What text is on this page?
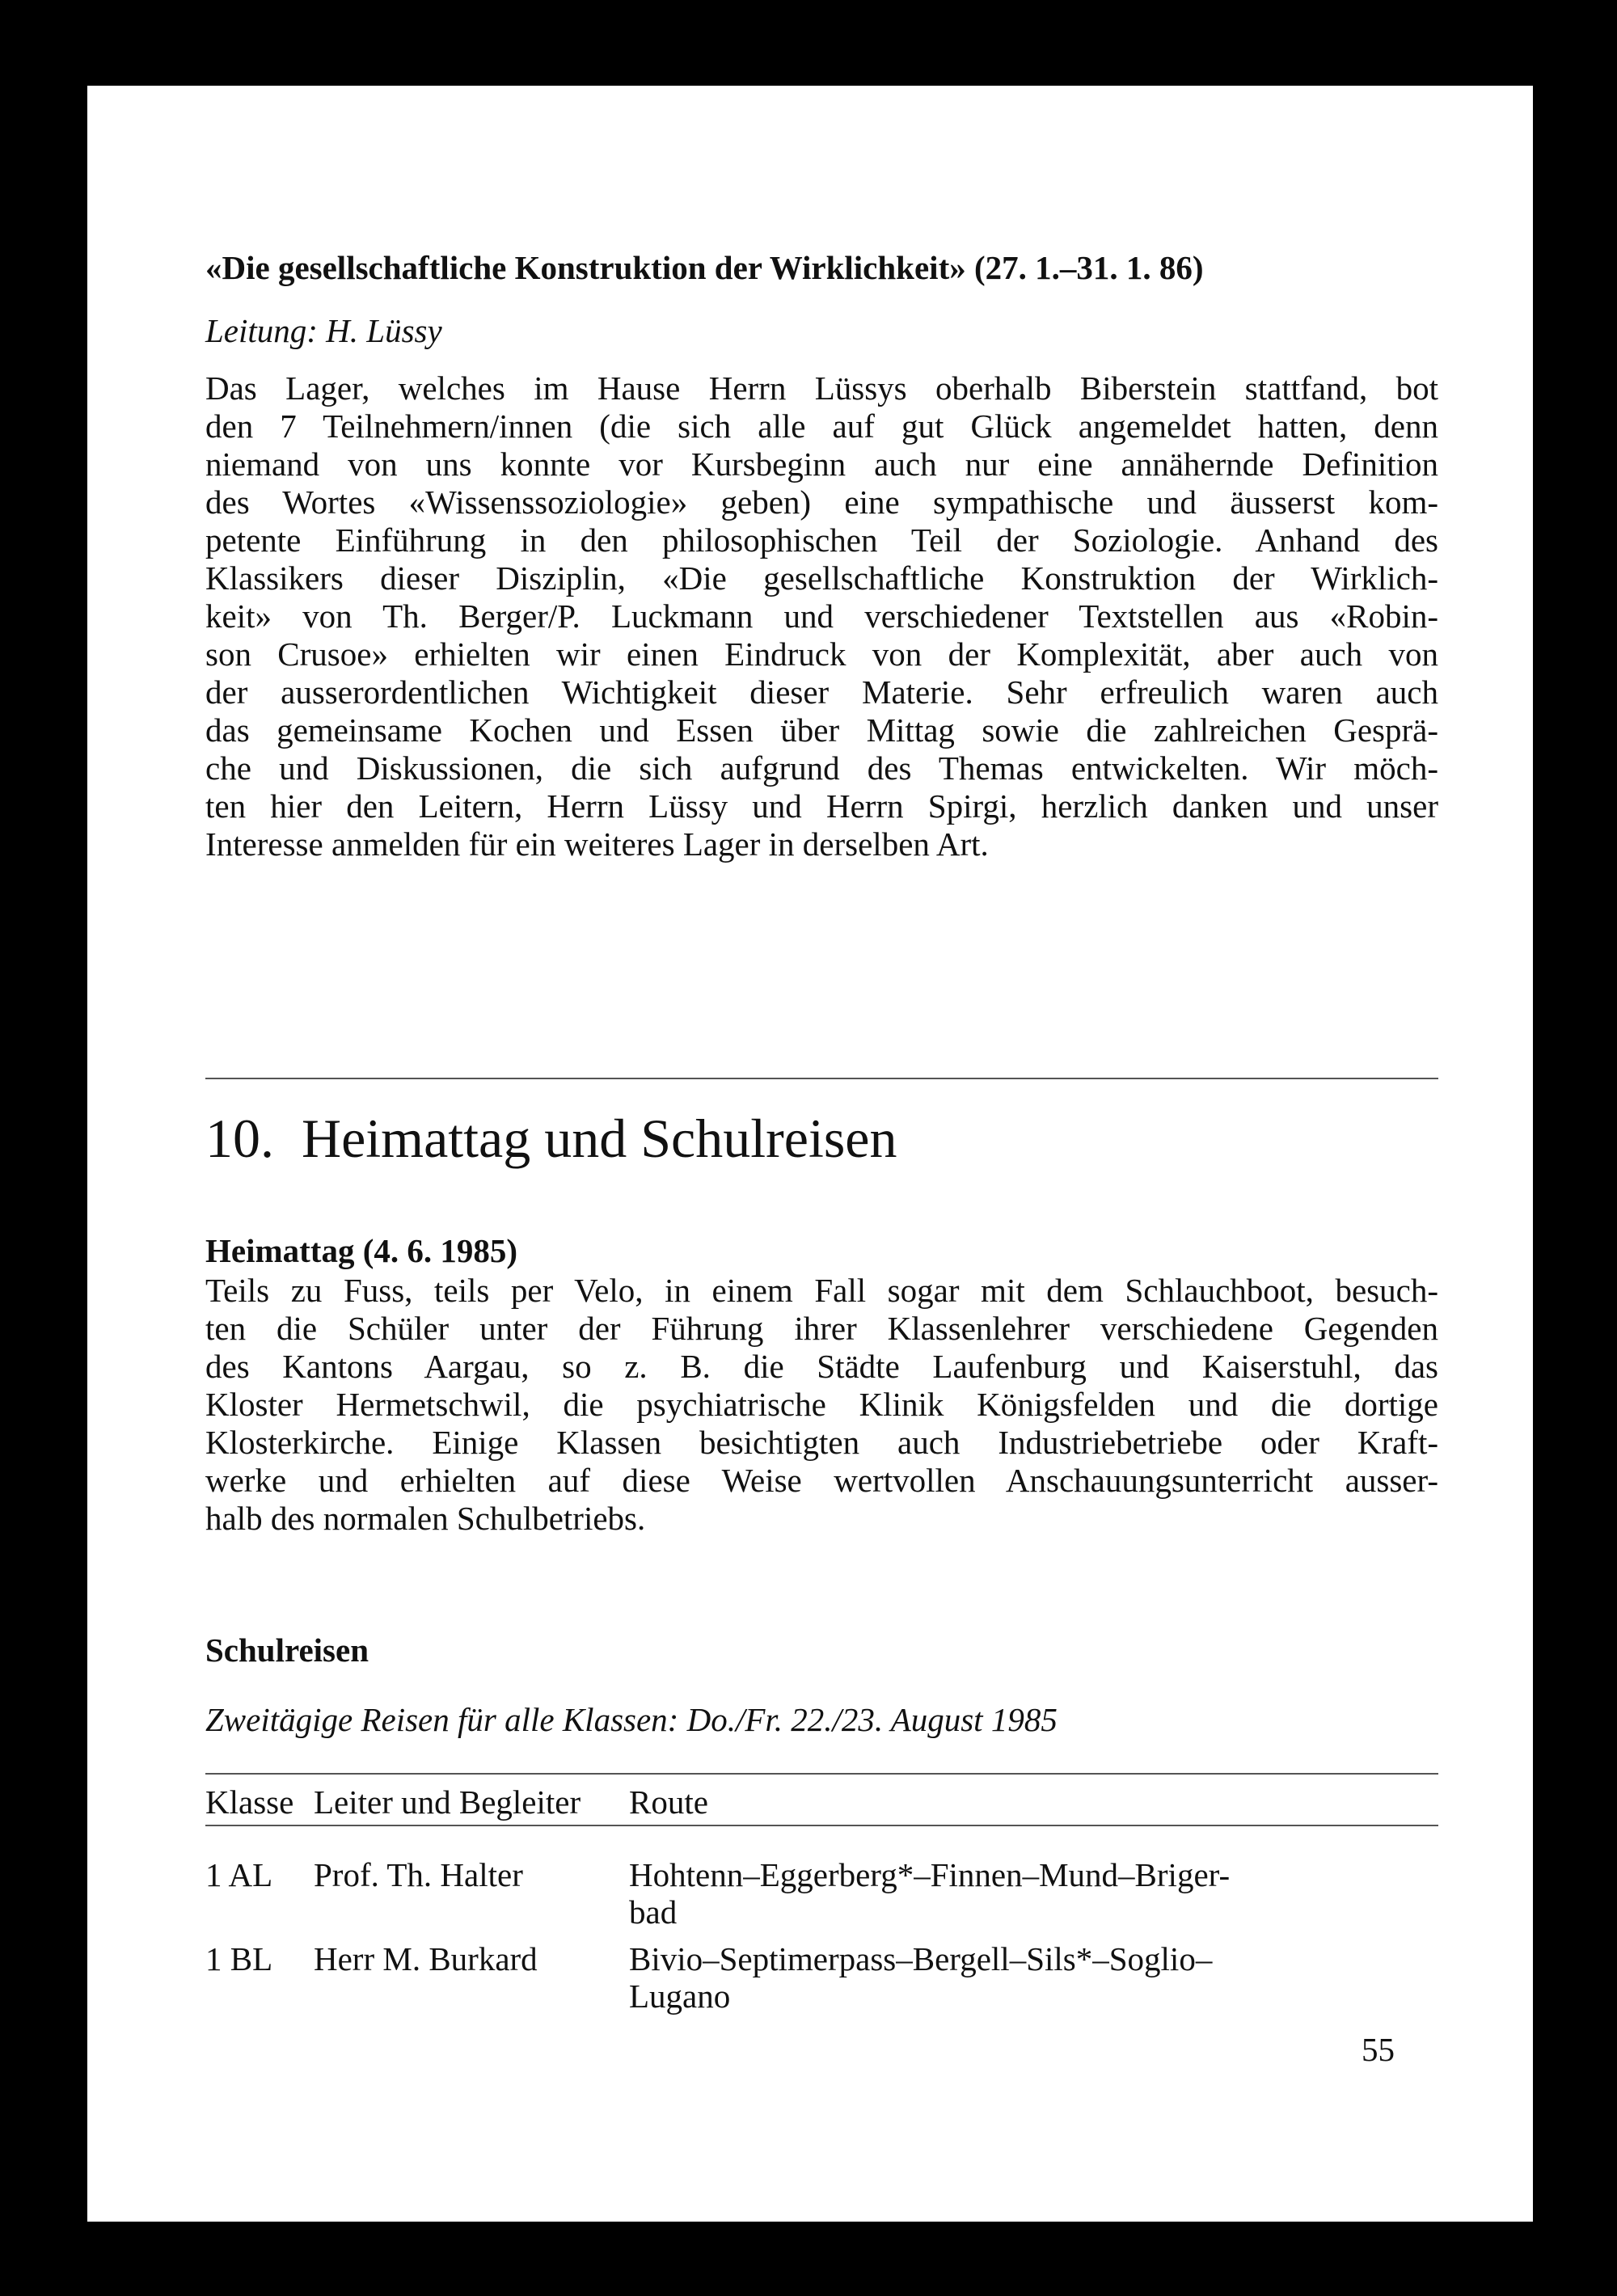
«Die gesellschaftliche Konstruktion der Wirklichkeit» (27. 1.–31. 1. 86)

Leitung: H. Lüssy

Das Lager, welches im Hause Herrn Lüssys oberhalb Biberstein stattfand, bot
den 7 Teilnehmern/innen (die sich alle auf gut Glück angemeldet hatten, denn
niemand von uns konnte vor Kursbeginn auch nur eine annähernde Definition
des Wortes «Wissenssoziologie» geben) eine sympathische und äusserst kom-
petente Einführung in den philosophischen Teil der Soziologie. Anhand des
Klassikers dieser Disziplin, «Die gesellschaftliche Konstruktion der Wirklich-
keit» von Th. Berger/P. Luckmann und verschiedener Textstellen aus «Robin-
son Crusoe» erhielten wir einen Eindruck von der Komplexität, aber auch von
der ausserordentlichen Wichtigkeit dieser Materie. Sehr erfreulich waren auch
das gemeinsame Kochen und Essen über Mittag sowie die zahlreichen Gesprä-
che und Diskussionen, die sich aufgrund des Themas entwickelten. Wir möch-
ten hier den Leitern, Herrn Lüssy und Herrn Spirgi, herzlich danken und unser
Interesse anmelden für ein weiteres Lager in derselben Art.
10.  Heimattag und Schulreisen
Heimattag (4. 6. 1985)
Teils zu Fuss, teils per Velo, in einem Fall sogar mit dem Schlauchboot, besuch-
ten die Schüler unter der Führung ihrer Klassenlehrer verschiedene Gegenden
des Kantons Aargau, so z. B. die Städte Laufenburg und Kaiserstuhl, das
Kloster Hermetschwil, die psychiatrische Klinik Königsfelden und die dortige
Klosterkirche. Einige Klassen besichtigten auch Industriebetriebe oder Kraft-
werke und erhielten auf diese Weise wertvollen Anschauungsunterricht ausser-
halb des normalen Schulbetriebs.
Schulreisen

Zweitägige Reisen für alle Klassen: Do./Fr. 22./23. August 1985

Klasse Leiter und Begleiter Route
1 AL Prof. Th. Halter	Hohtenn–Eggerberg*–Finnen–Mund–Briger-
bad
1 BL Herr M. Burkard	Bivio–Septimerpass–Bergell–Sils*–Soglio–
Lugano
55
